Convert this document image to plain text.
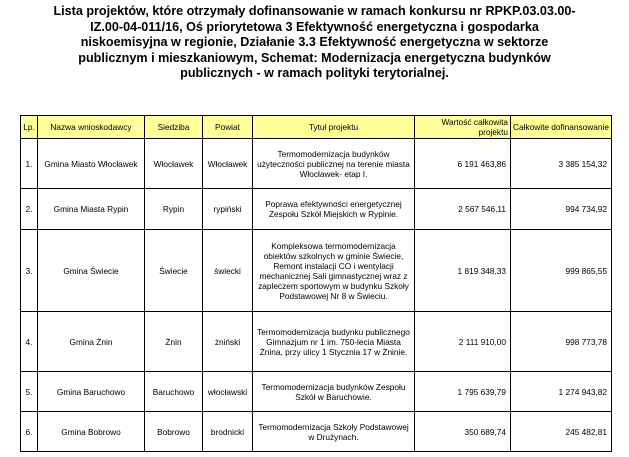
Lista projektów, które otrzymały dofinansowanie w ramach konkursu nr RPKP.03.03.00-
IZ.00-04-011/16, Oś priorytetowa 3 Efektywność energetyczna i gospodarka
niskoemisyjna w regionie, Działanie 3.3 Efektywność energetyczna w sektorze
publicznym i mieszkaniowym, Schemat: Modernizacja energetyczna budynków
publicznych - w ramach polityki terytorialnej.
Lp.	Nazwa wnioskodawcy	Siedziba	Powiat	Tytuł projektu	Wartość całkowita projektu	Całkowite dofinansowanie
1.	Gmina Miasto Włocławek	Włocławek	Włocławek	Termomodernizacja budynków użyteczności publicznej na terenie miasta Włocławek- etap I.	6 191 463,86	3 385 154,32
2.	Gmina Miasta Rypin	Rypin	rypiński	Poprawa efektywności energetycznej Zespołu Szkół Miejskich w Rypinie.	2 567 546,11	994 734,92
3.	Gmina Świecie	Świecie	świecki	Kompleksowa termomodernizacja obiektów szkolnych w gminie Świecie, Remont instalacji CO i wentylacji mechanicznej Sali gimnastycznej wraz z zapleczem sportowym w budynku Szkoły Podstawowej Nr 8 w Świeciu.	1 819 348,33	999 865,55
4.	Gmina Żnin	Żnin	żniński	Termomodernizacja budynku publicznego Gimnazjum nr 1 im. 750-lecia Miasta Żnina, przy ulicy 1 Stycznia 17 w Żninie.	2 111 910,00	998 773,78
5.	Gmina Baruchowo	Baruchowo	włocławski	Termomodernizacja budynków Zespołu Szkół w Baruchowie.	1 795 639,79	1 274 943,82
6.	Gmina Bobrowo	Bobrowo	brodnicki	Termomodernizacja Szkoły Podstawowej w Drużynach.	350 689,74	245 482,81
